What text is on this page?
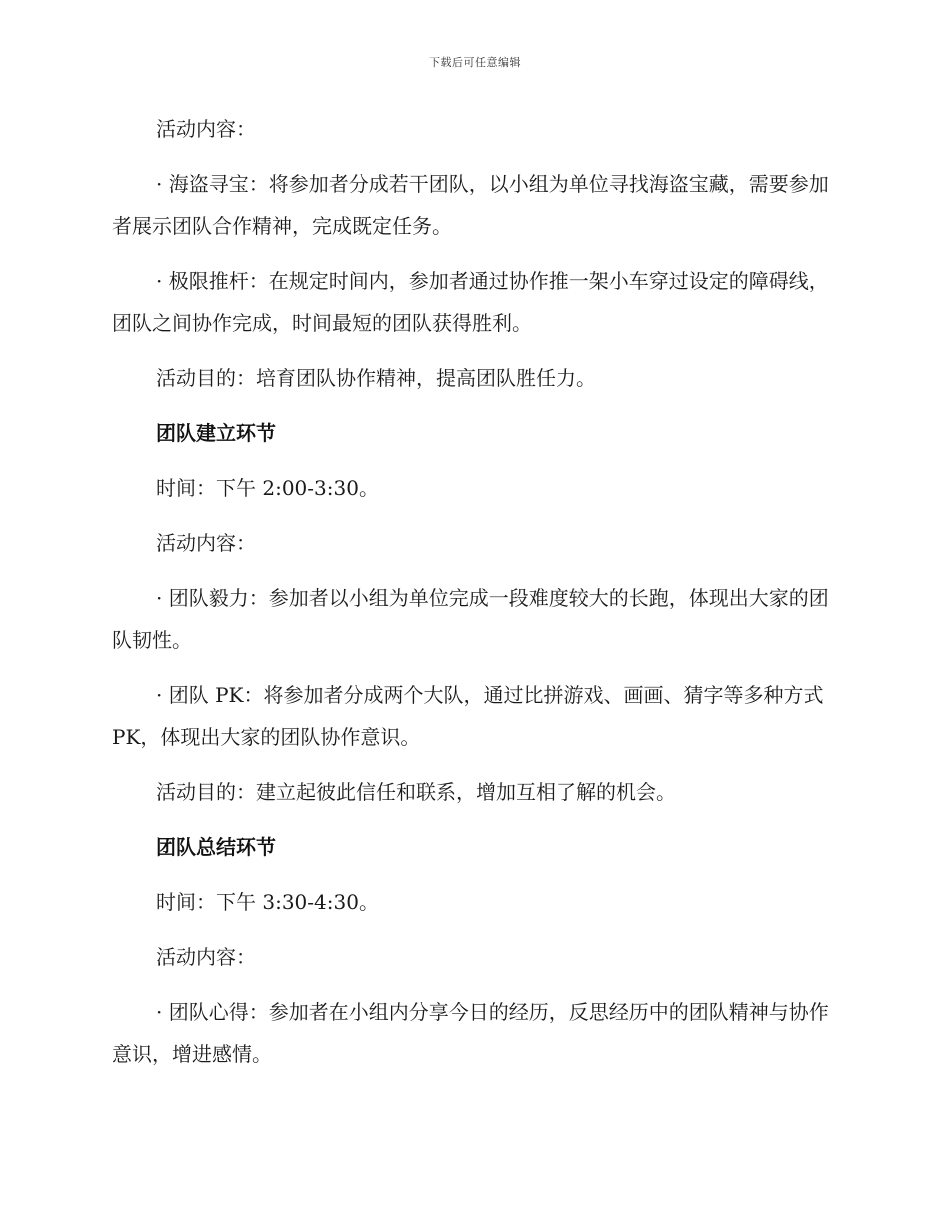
下载后可任意编辑

活动内容：

· 海盗寻宝：将参加者分成若干团队，以小组为单位寻找海盗宝藏，需要参加者展示团队合作精神，完成既定任务。

· 极限推杆：在规定时间内，参加者通过协作推一架小车穿过设定的障碍线，团队之间协作完成，时间最短的团队获得胜利。

活动目的：培育团队协作精神，提高团队胜任力。

团队建立环节

时间：下午 2:00-3:30。

活动内容：

· 团队毅力：参加者以小组为单位完成一段难度较大的长跑，体现出大家的团队韧性。

· 团队 PK：将参加者分成两个大队，通过比拼游戏、画画、猜字等多种方式 PK，体现出大家的团队协作意识。

活动目的：建立起彼此信任和联系，增加互相了解的机会。

团队总结环节

时间：下午 3:30-4:30。

活动内容：

· 团队心得：参加者在小组内分享今日的经历，反思经历中的团队精神与协作意识，增进感情。
